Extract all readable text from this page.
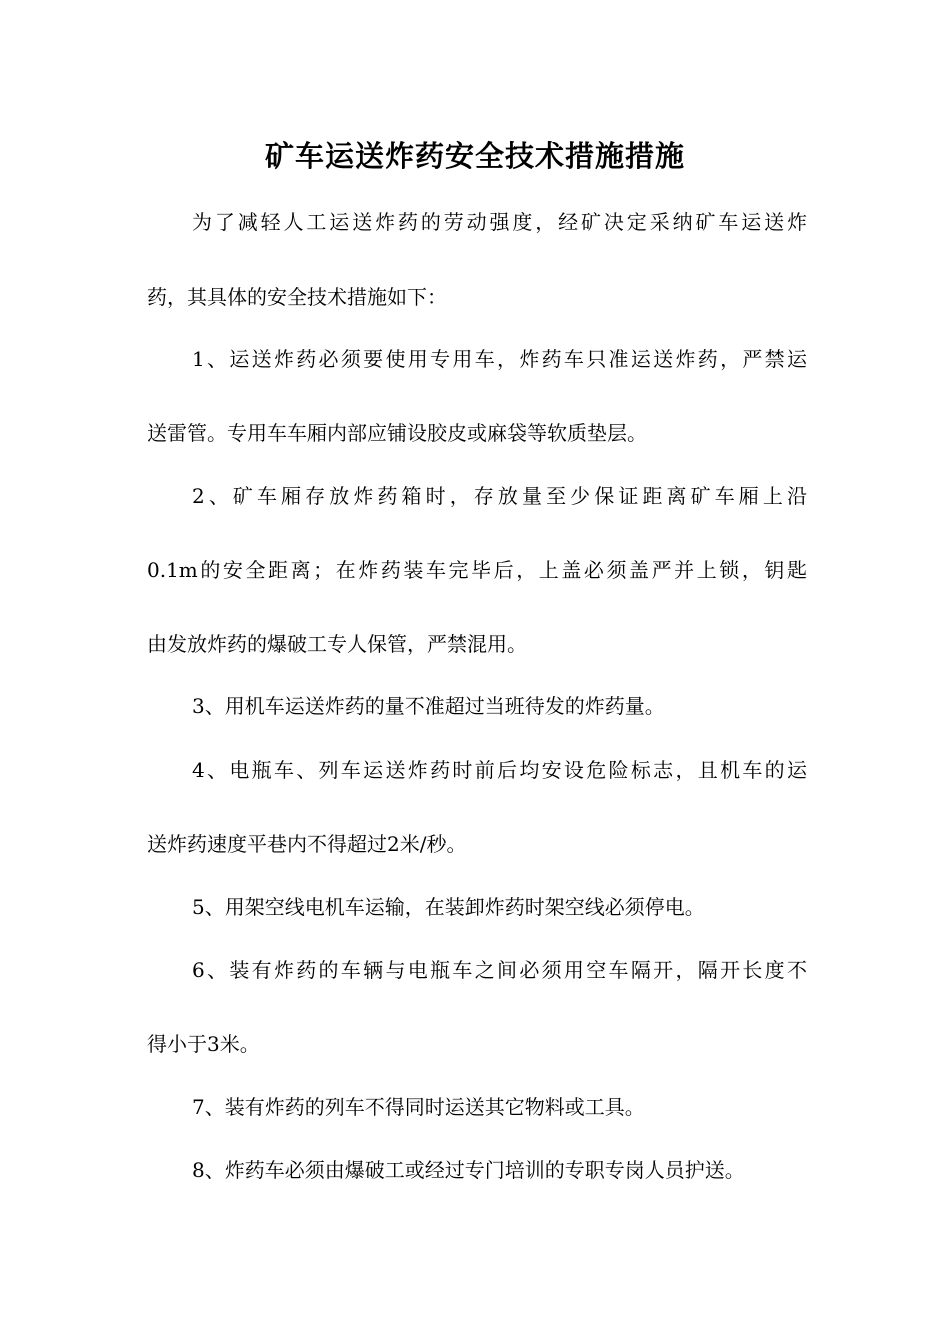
矿车运送炸药安全技术措施措施
为了减轻人工运送炸药的劳动强度，经矿决定采纳矿车运送炸
药，其具体的安全技术措施如下：
1、运送炸药必须要使用专用车，炸药车只准运送炸药，严禁运
送雷管。专用车车厢内部应铺设胶皮或麻袋等软质垫层。
2、矿车厢存放炸药箱时，存放量至少保证距离矿车厢上沿
0.1m的安全距离；在炸药装车完毕后，上盖必须盖严并上锁，钥匙
由发放炸药的爆破工专人保管，严禁混用。
3、用机车运送炸药的量不准超过当班待发的炸药量。
4、电瓶车、列车运送炸药时前后均安设危险标志，且机车的运
送炸药速度平巷内不得超过2米/秒。
5、用架空线电机车运输，在装卸炸药时架空线必须停电。
6、装有炸药的车辆与电瓶车之间必须用空车隔开，隔开长度不
得小于3米。
7、装有炸药的列车不得同时运送其它物料或工具。
8、炸药车必须由爆破工或经过专门培训的专职专岗人员护送。
